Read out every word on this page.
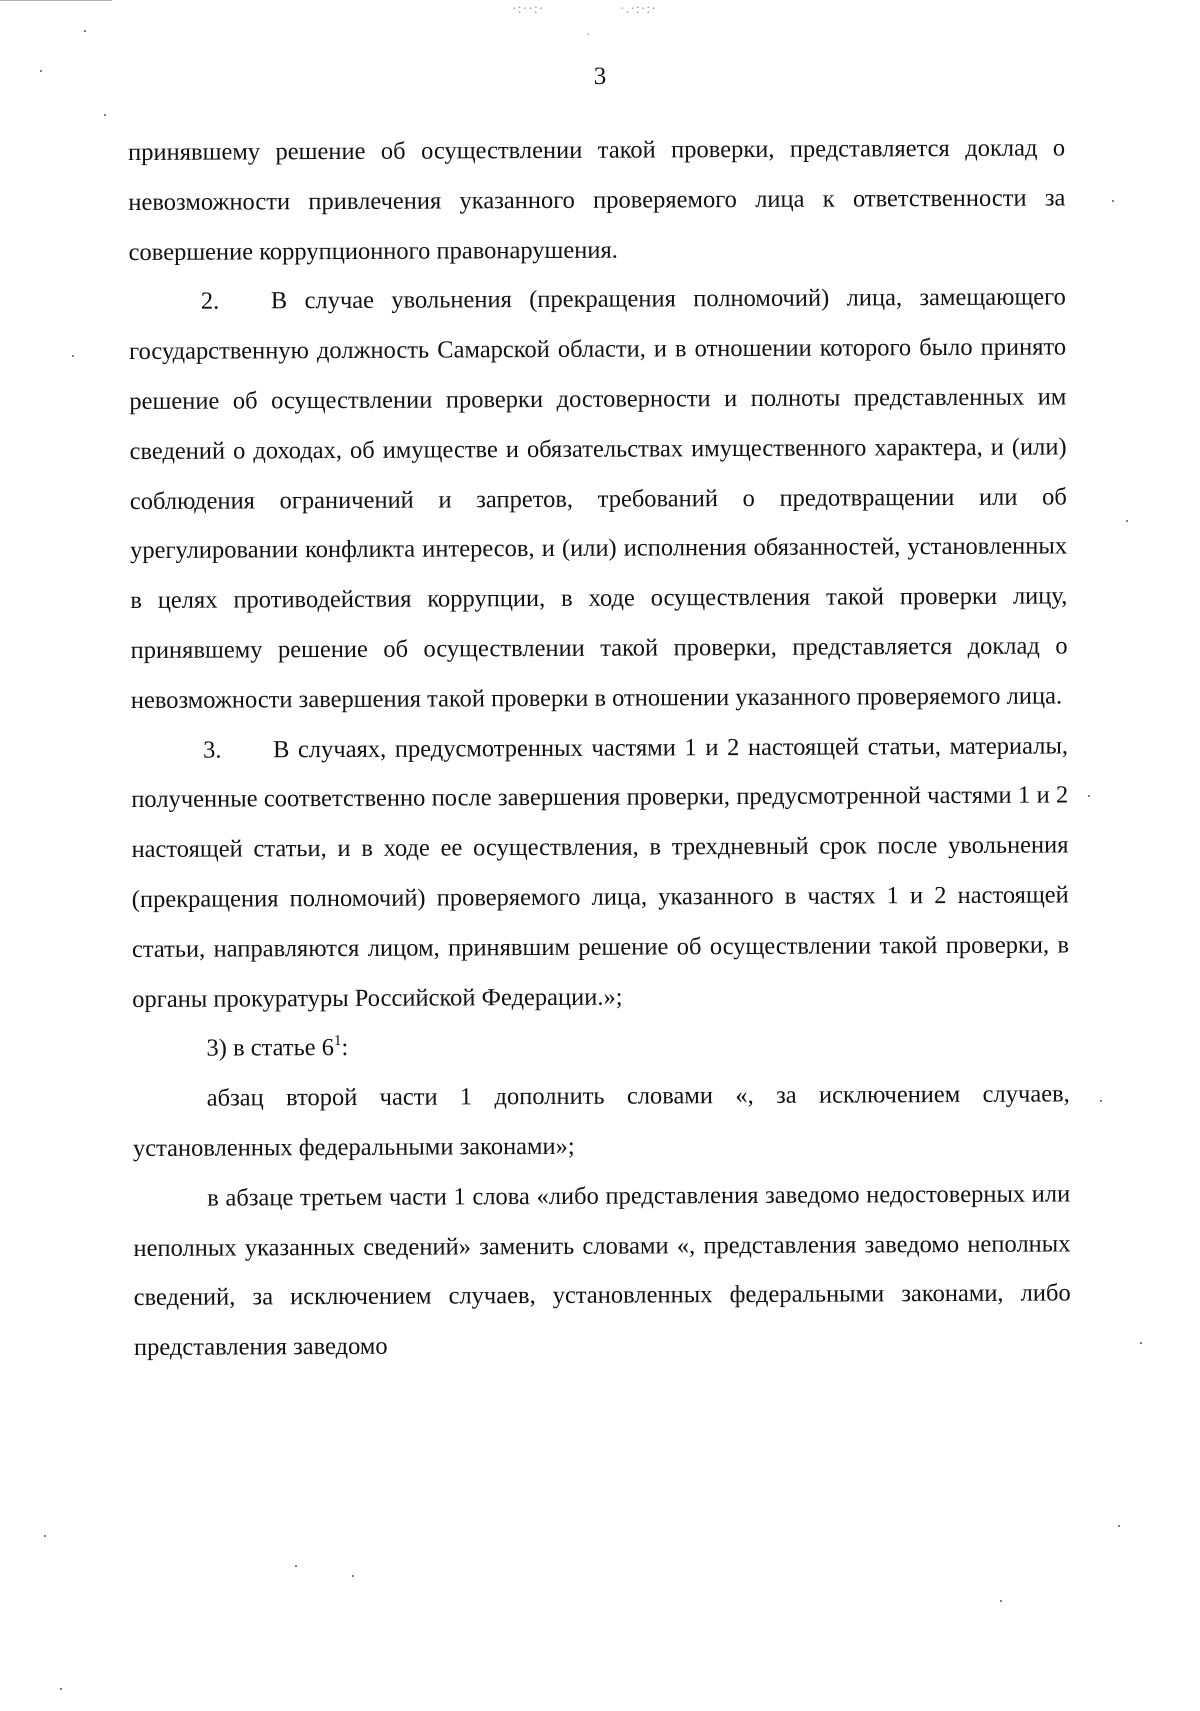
·:··:·	·.·:·:·
·
3

принявшему решение об осуществлении такой проверки, представляется доклад о невозможности привлечения указанного проверяемого лица к ответственности за совершение коррупционного правонарушения.

2. В случае увольнения (прекращения полномочий) лица, замещающего государственную должность Самарской области, и в отношении которого было принято решение об осуществлении проверки достоверности и полноты представленных им сведений о доходах, об имуществе и обязательствах имущественного характера, и (или) соблюдения ограничений и запретов, требований о предотвращении или об урегулировании конфликта интересов, и (или) исполнения обязанностей, установленных в целях противодействия коррупции, в ходе осуществления такой проверки лицу, принявшему решение об осуществлении такой проверки, представляется доклад о невозможности завершения такой проверки в отношении указанного проверяемого лица.

3. В случаях, предусмотренных частями 1 и 2 настоящей статьи, материалы, полученные соответственно после завершения проверки, предусмотренной частями 1 и 2 настоящей статьи, и в ходе ее осуществления, в трехдневный срок после увольнения (прекращения полномочий) проверяемого лица, указанного в частях 1 и 2 настоящей статьи, направляются лицом, принявшим решение об осуществлении такой проверки, в органы прокуратуры Российской Федерации.»;

3) в статье $6^1$:

абзац второй части 1 дополнить словами «, за исключением случаев, установленных федеральными законами»;

в абзаце третьем части 1 слова «либо представления заведомо недостоверных или неполных указанных сведений» заменить словами «, представления заведомо неполных сведений, за исключением случаев, установленных федеральными законами, либо представления заведомо
